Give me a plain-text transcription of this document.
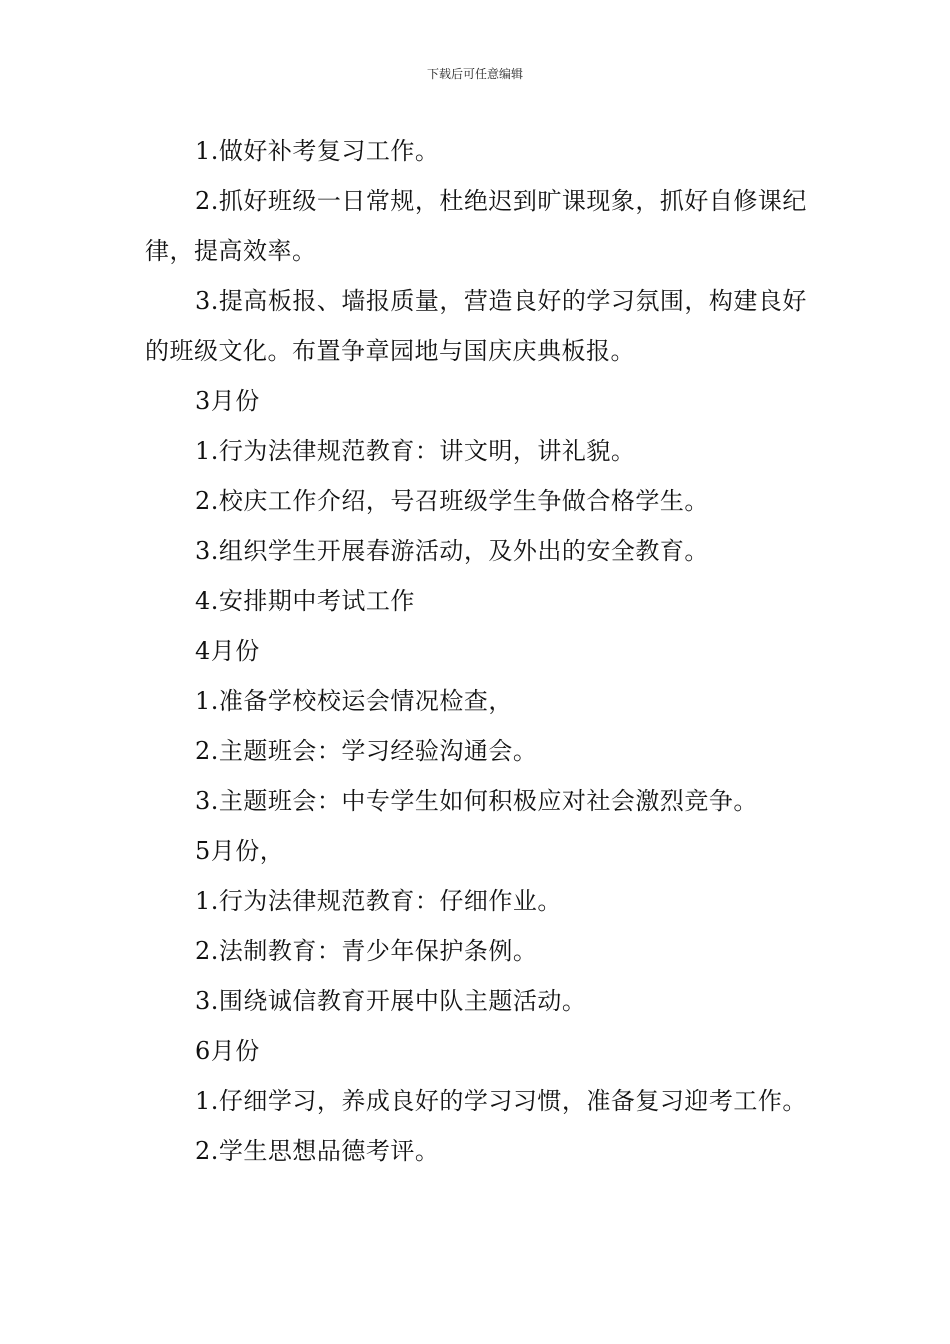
下载后可任意编辑

1.做好补考复习工作。

2.抓好班级一日常规，杜绝迟到旷课现象，抓好自修课纪律，提高效率。

3.提高板报、墙报质量，营造良好的学习氛围，构建良好的班级文化。布置争章园地与国庆庆典板报。

3月份

1.行为法律规范教育：讲文明，讲礼貌。

2.校庆工作介绍，号召班级学生争做合格学生。

3.组织学生开展春游活动，及外出的安全教育。

4.安排期中考试工作

4月份

1.准备学校校运会情况检查，

2.主题班会：学习经验沟通会。

3.主题班会：中专学生如何积极应对社会激烈竞争。

5月份，

1.行为法律规范教育：仔细作业。

2.法制教育：青少年保护条例。

3.围绕诚信教育开展中队主题活动。

6月份

1.仔细学习，养成良好的学习习惯，准备复习迎考工作。

2.学生思想品德考评。
